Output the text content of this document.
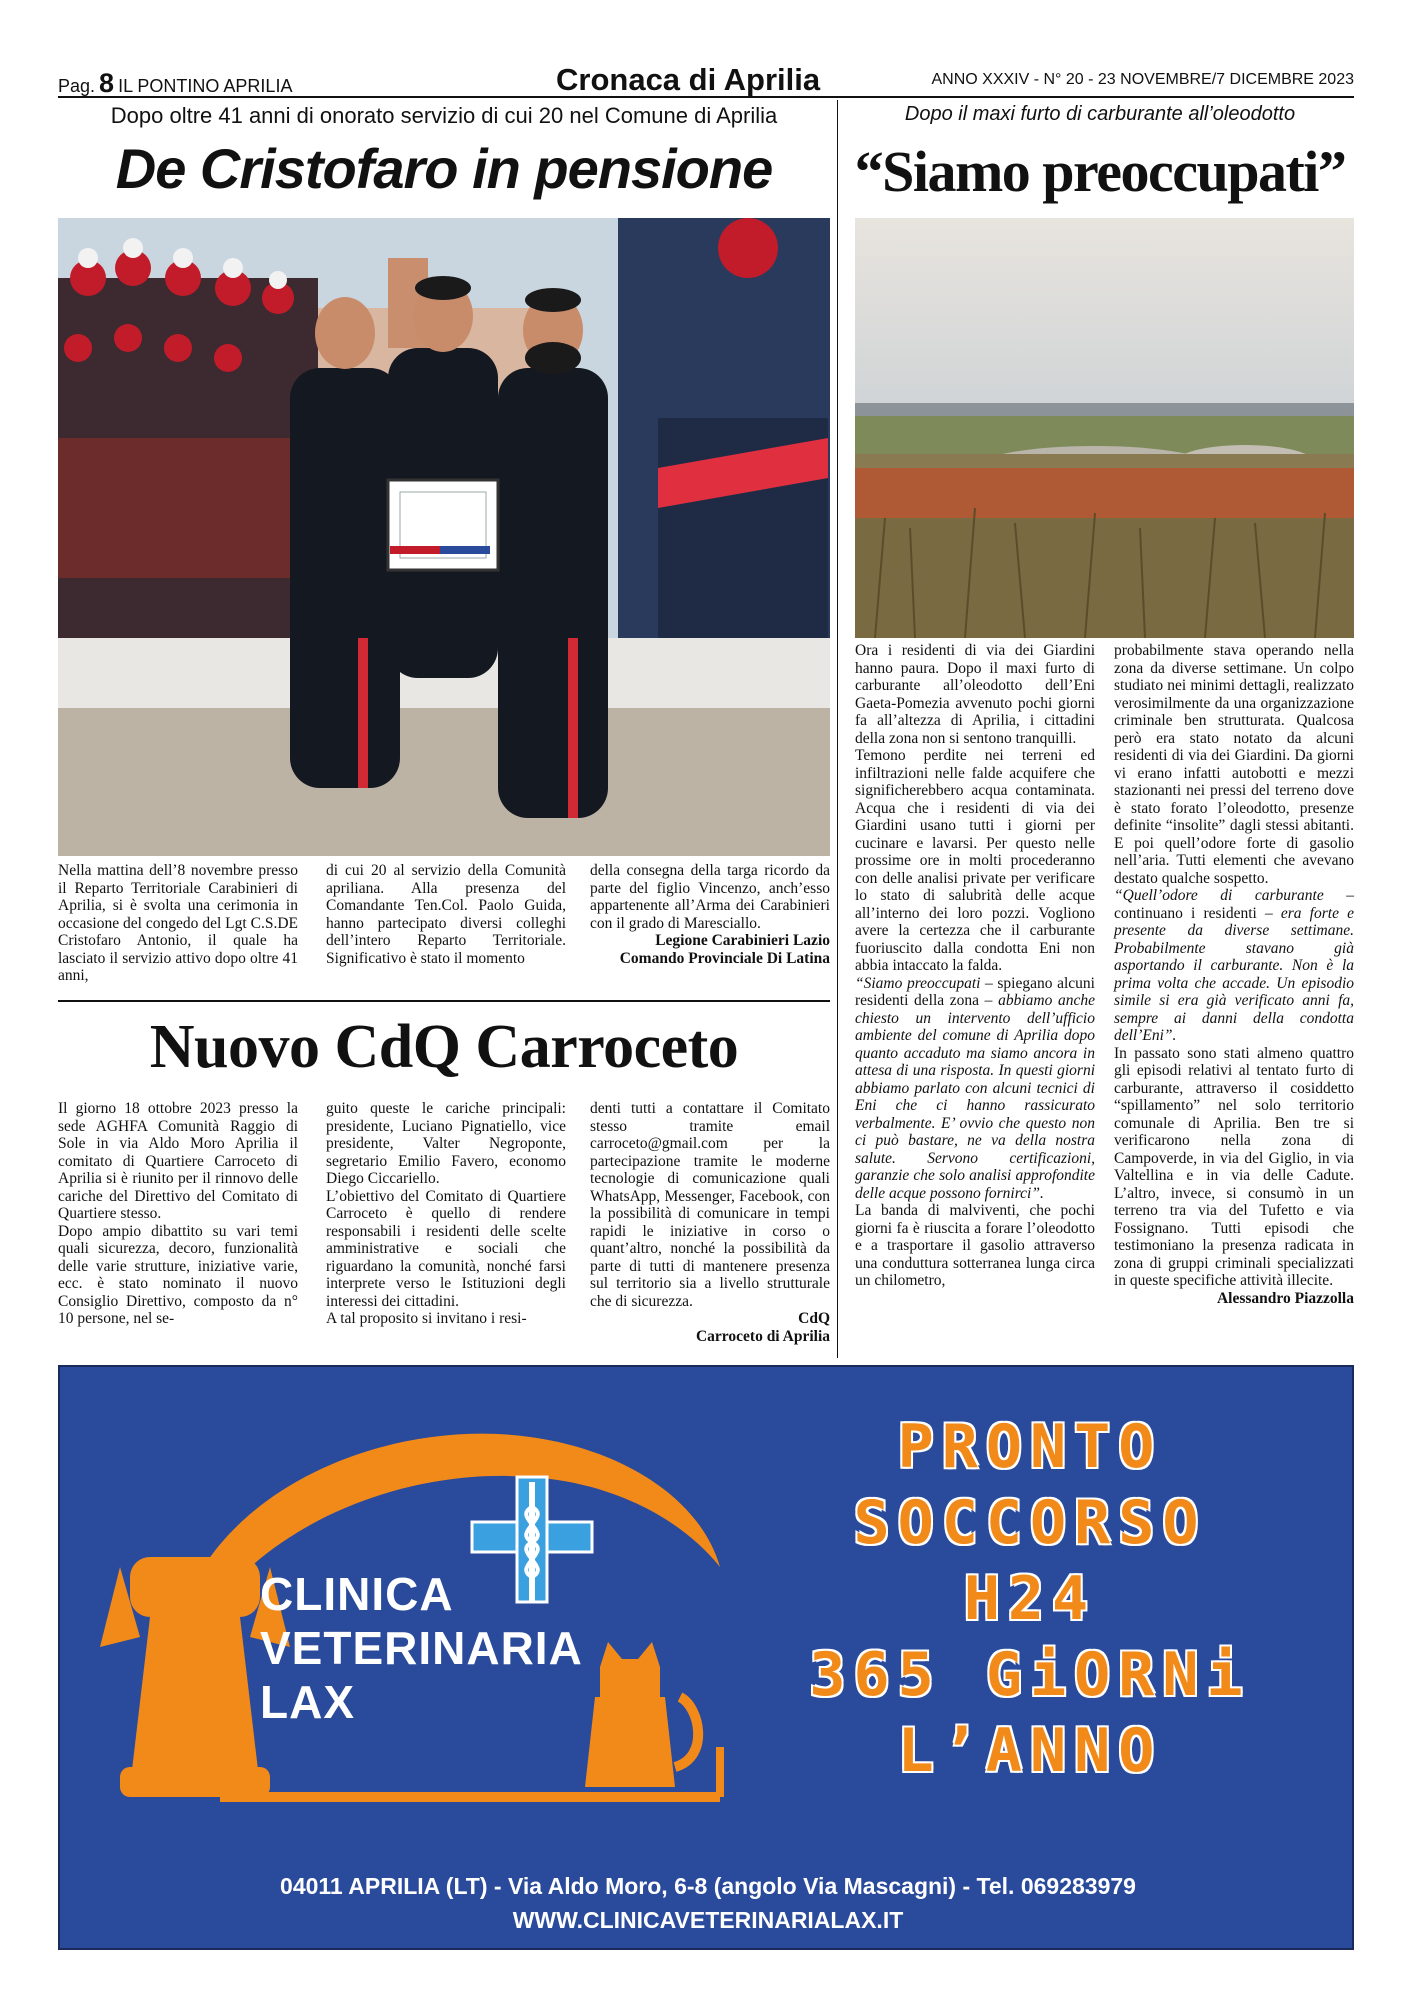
Pag. 8 IL PONTINO APRILIA	Cronaca di Aprilia	ANNO XXXIV - N° 20 - 23 NOVEMBRE/7 DICEMBRE 2023
Dopo oltre 41 anni di onorato servizio di cui 20 nel Comune di Aprilia
De Cristofaro in pensione

Nella mattina dell’8 novembre presso il Reparto Territoriale Carabinieri di Aprilia, si è svolta una cerimonia in occasione del congedo del Lgt C.S.DE Cristofaro Antonio, il quale ha lasciato il servizio attivo dopo oltre 41 anni,

di cui 20 al servizio della Comunità apriliana. Alla presenza del Comandante Ten.Col. Paolo Guida, hanno partecipato diversi colleghi dell’intero Reparto Territoriale. Significativo è stato il momento

della consegna della targa ricordo da parte del figlio Vincenzo, anch’esso appartenente all’Arma dei Carabinieri con il grado di Maresciallo.

Legione Carabinieri Lazio

Comando Provinciale Di Latina

Nuovo CdQ Carroceto

Il giorno 18 ottobre 2023 presso la sede AGHFA Comunità Raggio di Sole in via Aldo Moro Aprilia il comitato di Quartiere Carroceto di Aprilia si è riunito per il rinnovo delle cariche del Direttivo del Comitato di Quartiere stesso.

Dopo ampio dibattito su vari temi quali sicurezza, decoro, funzionalità delle varie strutture, iniziative varie, ecc. è stato nominato il nuovo Consiglio Direttivo, composto da n° 10 persone, nel se-

guito queste le cariche principali: presidente, Luciano Pignatiello, vice presidente, Valter Negroponte, segretario Emilio Favero, economo Diego Ciccariello.

L’obiettivo del Comitato di Quartiere Carroceto è quello di rendere responsabili i residenti delle scelte amministrative e sociali che riguardano la comunità, nonché farsi interprete verso le Istituzioni degli interessi dei cittadini.

A tal proposito si invitano i resi-

denti tutti a contattare il Comitato stesso tramite email carroceto@gmail.com per la partecipazione tramite le moderne tecnologie di comunicazione quali WhatsApp, Messenger, Facebook, con la possibilità di comunicare in tempi rapidi le iniziative in corso o quant’altro, nonché la possibilità da parte di tutti di mantenere presenza sul territorio sia a livello strutturale che di sicurezza.

CdQ

Carroceto di Aprilia

Dopo il maxi furto di carburante all’oleodotto
“Siamo preoccupati”

Ora i residenti di via dei Giardini hanno paura. Dopo il maxi furto di carburante all’oleodotto dell’Eni Gaeta-Pomezia avvenuto pochi giorni fa all’altezza di Aprilia, i cittadini della zona non si sentono tranquilli.

Temono perdite nei terreni ed infiltrazioni nelle falde acquifere che significherebbero acqua contaminata. Acqua che i residenti di via dei Giardini usano tutti i giorni per cucinare e lavarsi. Per questo nelle prossime ore in molti procederanno con delle analisi private per verificare lo stato di salubrità delle acque all’interno dei loro pozzi. Vogliono avere la certezza che il carburante fuoriuscito dalla condotta Eni non abbia intaccato la falda.

“Siamo preoccupati – spiegano alcuni residenti della zona – abbiamo anche chiesto un intervento dell’ufficio ambiente del comune di Aprilia dopo quanto accaduto ma siamo ancora in attesa di una risposta. In questi giorni abbiamo parlato con alcuni tecnici di Eni che ci hanno rassicurato verbalmente. E’ ovvio che questo non ci può bastare, ne va della nostra salute. Servono certificazioni, garanzie che solo analisi approfondite delle acque possono fornirci”.

La banda di malviventi, che pochi giorni fa è riuscita a forare l’oleodotto e a trasportare il gasolio attraverso una conduttura sotterranea lunga circa un chilometro,

probabilmente stava operando nella zona da diverse settimane. Un colpo studiato nei minimi dettagli, realizzato verosimilmente da una organizzazione criminale ben strutturata. Qualcosa però era stato notato da alcuni residenti di via dei Giardini. Da giorni vi erano infatti autobotti e mezzi stazionanti nei pressi del terreno dove è stato forato l’oleodotto, presenze definite “insolite” dagli stessi abitanti. E poi quell’odore forte di gasolio nell’aria. Tutti elementi che avevano destato qualche sospetto.

“Quell’odore di carburante – continuano i residenti – era forte e presente da diverse settimane. Probabilmente stavano già asportando il carburante. Non è la prima volta che accade. Un episodio simile si era già verificato anni fa, sempre ai danni della condotta dell’Eni”.

In passato sono stati almeno quattro gli episodi relativi al tentato furto di carburante, attraverso il cosiddetto “spillamento” nel solo territorio comunale di Aprilia. Ben tre si verificarono nella zona di Campoverde, in via del Giglio, in via Valtellina e in via delle Cadute. L’altro, invece, si consumò in un terreno tra via del Tufetto e via Fossignano. Tutti episodi che testimoniano la presenza radicata in zona di gruppi criminali specializzati in queste specifiche attività illecite.

Alessandro Piazzolla

CLINICA
VETERINARIA
LAX
PRONTO
SOCCORSO
H24
365 GiORNi
L’ANNO
04011 APRILIA (LT) - Via Aldo Moro, 6-8 (angolo Via Mascagni) - Tel. 069283979
WWW.CLINICAVETERINARIALAX.IT
